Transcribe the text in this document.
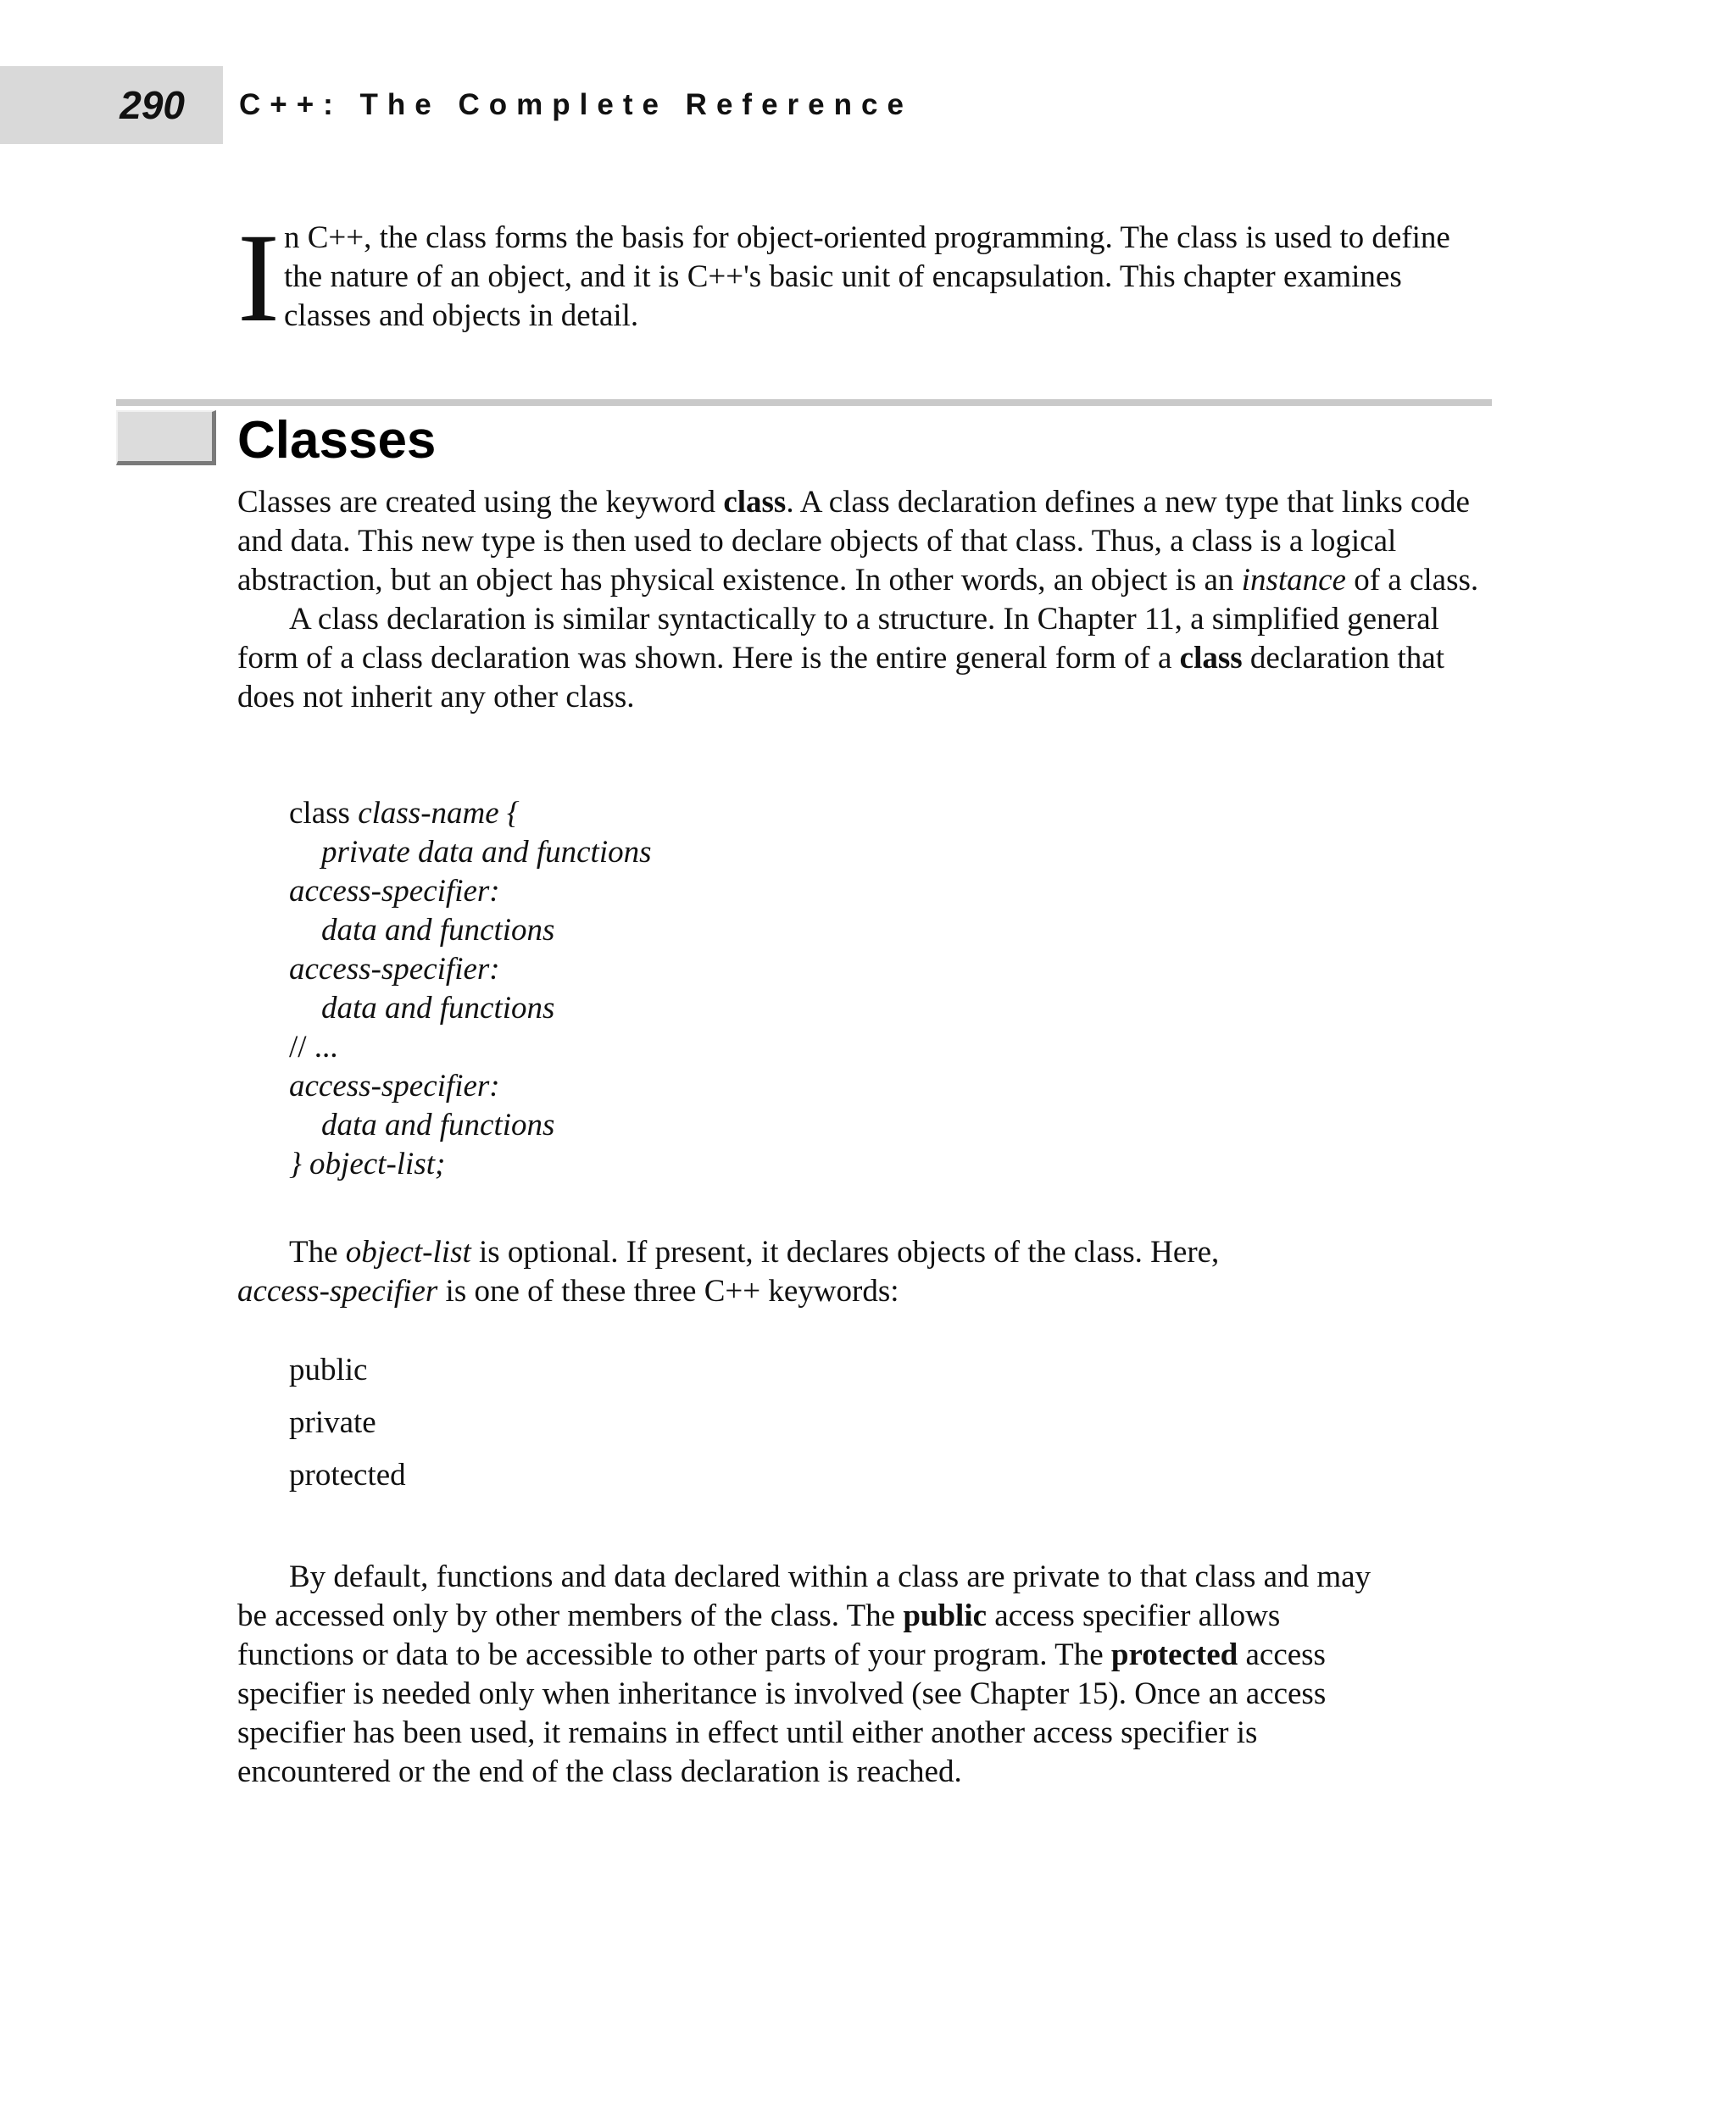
290 C++: The Complete Reference
I n C++, the class forms the basis for object-oriented programming. The class is used to define the nature of an object, and it is C++'s basic unit of encapsulation. This chapter examines classes and objects in detail.

Classes

Classes are created using the keyword class. A class declaration defines a new type that links code and data. This new type is then used to declare objects of that class. Thus, a class is a logical abstraction, but an object has physical existence. In other words, an object is an instance of a class.

A class declaration is similar syntactically to a structure. In Chapter 11, a simplified general form of a class declaration was shown. Here is the entire general form of a class declaration that does not inherit any other class.

class class-name {
private data and functions
access-specifier:
data and functions
access-specifier:
data and functions
// ...
access-specifier:
data and functions
} object-list;

The object-list is optional. If present, it declares objects of the class. Here,
access-specifier is one of these three C++ keywords:

public
private
protected

By default, functions and data declared within a class are private to that class and may be accessed only by other members of the class. The public access specifier allows functions or data to be accessible to other parts of your program. The protected access specifier is needed only when inheritance is involved (see Chapter 15). Once an access specifier has been used, it remains in effect until either another access specifier is encountered or the end of the class declaration is reached.
